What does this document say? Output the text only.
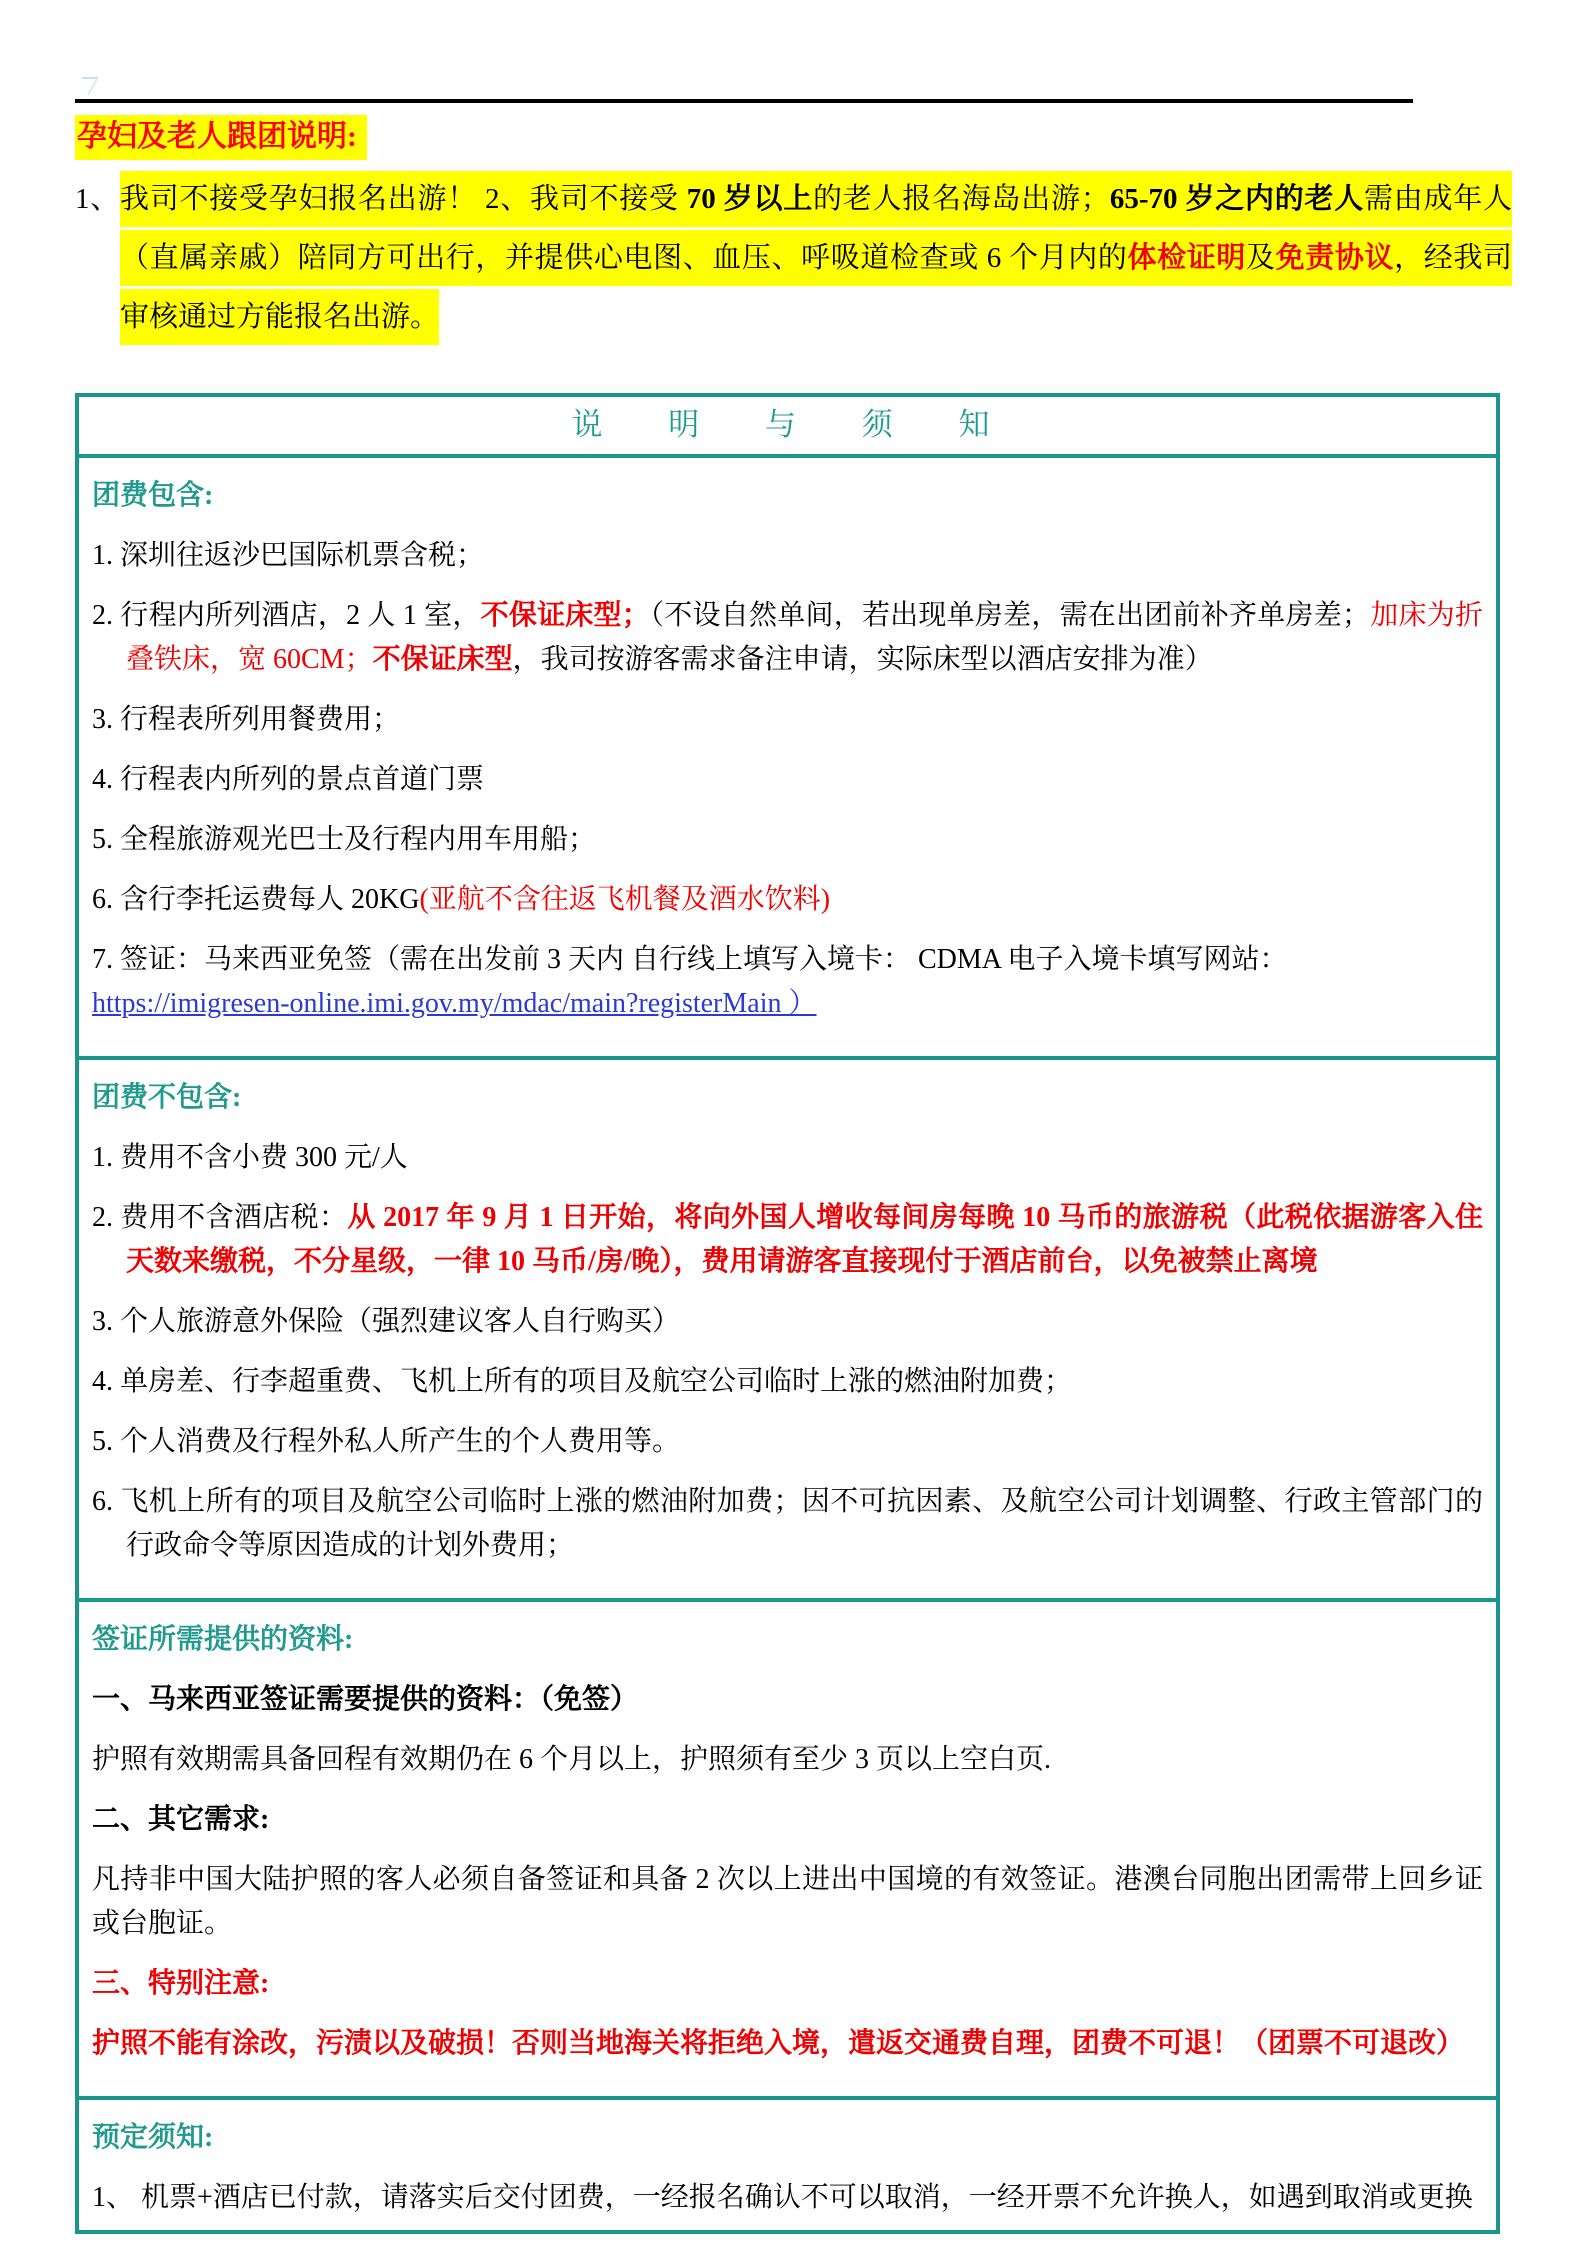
孕妇及老人跟团说明:

1、我司不接受孕妇报名出游！ 2、我司不接受 70 岁以上的老人报名海岛出游；65-70 岁之内的老人需由成年人（直属亲戚）陪同方可出行，并提供心电图、血压、呼吸道检查或 6 个月内的体检证明及免责协议，经我司审核通过方能报名出游。

说 明 与 须 知
团费包含:

1. 深圳往返沙巴国际机票含税；

2. 行程内所列酒店，2 人 1 室，不保证床型；（不设自然单间，若出现单房差，需在出团前补齐单房差；加床为折叠铁床，宽 60CM；不保证床型，我司按游客需求备注申请，实际床型以酒店安排为准）

3. 行程表所列用餐费用；

4. 行程表内所列的景点首道门票

5. 全程旅游观光巴士及行程内用车用船；

6. 含行李托运费每人 20KG(亚航不含往返飞机餐及酒水饮料)

7. 签证：马来西亚免签（需在出发前 3 天内 自行线上填写入境卡： CDMA 电子入境卡填写网站：
https://imigresen-online.imi.gov.my/mdac/main?registerMain ）

团费不包含:

1. 费用不含小费 300 元/人

2. 费用不含酒店税：从 2017 年 9 月 1 日开始，将向外国人增收每间房每晚 10 马币的旅游税（此税依据游客入住天数来缴税，不分星级，一律 10 马币/房/晚），费用请游客直接现付于酒店前台，以免被禁止离境

3. 个人旅游意外保险（强烈建议客人自行购买）

4. 单房差、行李超重费、飞机上所有的项目及航空公司临时上涨的燃油附加费；

5. 个人消费及行程外私人所产生的个人费用等。

6. 飞机上所有的项目及航空公司临时上涨的燃油附加费；因不可抗因素、及航空公司计划调整、行政主管部门的行政命令等原因造成的计划外费用；

签证所需提供的资料:

一、马来西亚签证需要提供的资料：（免签）

护照有效期需具备回程有效期仍在 6 个月以上，护照须有至少 3 页以上空白页.

二、其它需求:

凡持非中国大陆护照的客人必须自备签证和具备 2 次以上进出中国境的有效签证。港澳台同胞出团需带上回乡证或台胞证。

三、特别注意:

护照不能有涂改，污渍以及破损！否则当地海关将拒绝入境，遣返交通费自理，团费不可退！（团票不可退改）

预定须知:

1、 机票+酒店已付款，请落实后交付团费，一经报名确认不可以取消，一经开票不允许换人，如遇到取消或更换
